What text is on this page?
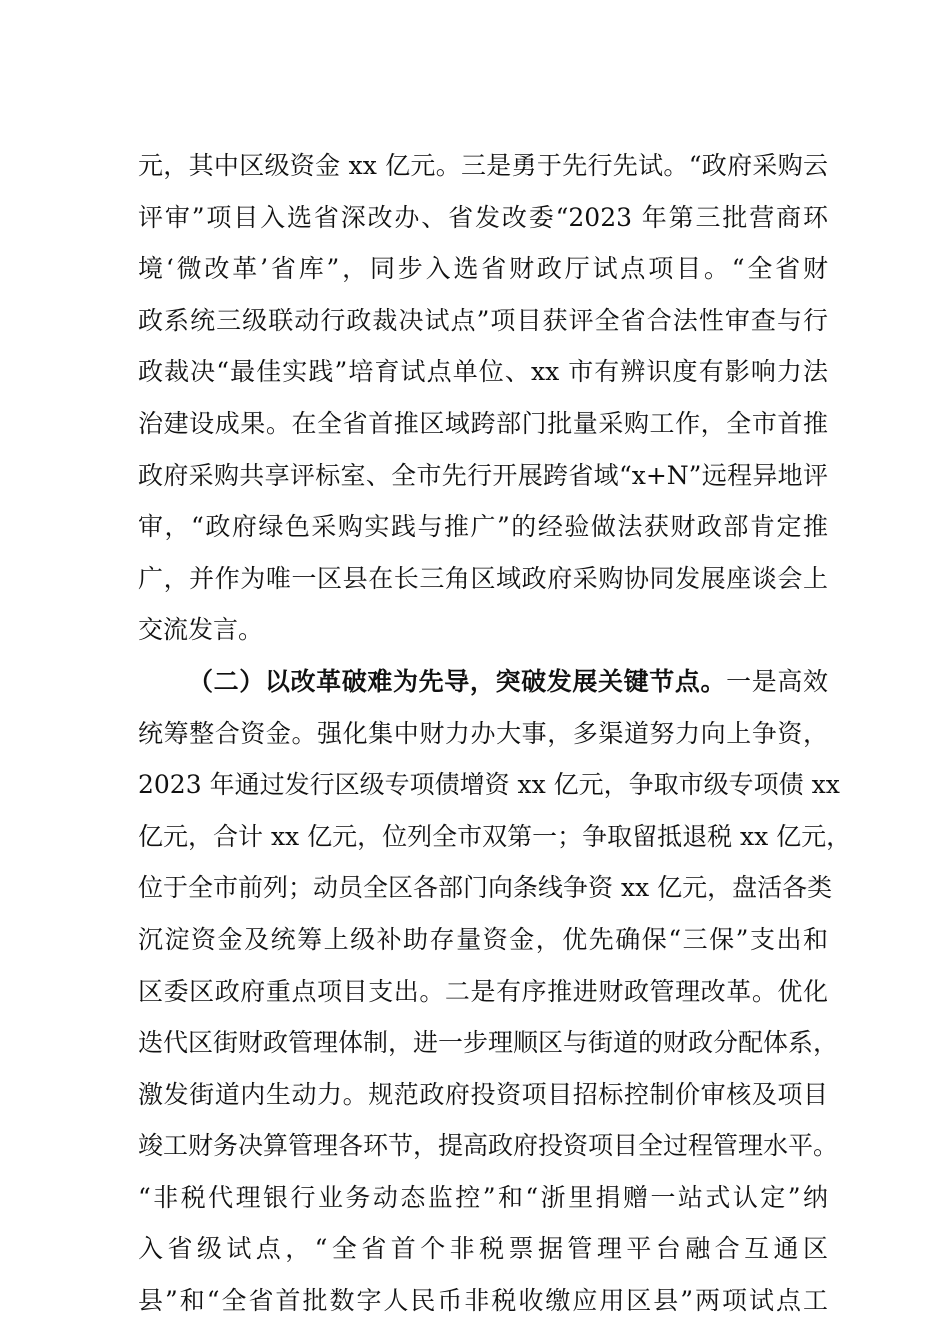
元，其中区级资金 xx 亿元。三是勇于先行先试。“政府采购云
评审”项目入选省深改办、省发改委“2023 年第三批营商环
境‘微改革’省库”，同步入选省财政厅试点项目。“全省财
政系统三级联动行政裁决试点”项目获评全省合法性审查与行
政裁决“最佳实践”培育试点单位、xx 市有辨识度有影响力法
治建设成果。在全省首推区域跨部门批量采购工作，全市首推
政府采购共享评标室、全市先行开展跨省域“x+N”远程异地评
审，“政府绿色采购实践与推广”的经验做法获财政部肯定推
广，并作为唯一区县在长三角区域政府采购协同发展座谈会上
交流发言。
（二）以改革破难为先导，突破发展关键节点。一是高效
统筹整合资金。强化集中财力办大事，多渠道努力向上争资，
2023 年通过发行区级专项债增资 xx 亿元，争取市级专项债 xx
亿元，合计 xx 亿元，位列全市双第一；争取留抵退税 xx 亿元，
位于全市前列；动员全区各部门向条线争资 xx 亿元，盘活各类
沉淀资金及统筹上级补助存量资金，优先确保“三保”支出和
区委区政府重点项目支出。二是有序推进财政管理改革。优化
迭代区街财政管理体制，进一步理顺区与街道的财政分配体系，
激发街道内生动力。规范政府投资项目招标控制价审核及项目
竣工财务决算管理各环节，提高政府投资项目全过程管理水平。
“非税代理银行业务动态监控”和“浙里捐赠一站式认定”纳
入省级试点，“全省首个非税票据管理平台融合互通区
县”和“全省首批数字人民币非税收缴应用区县”两项试点工
